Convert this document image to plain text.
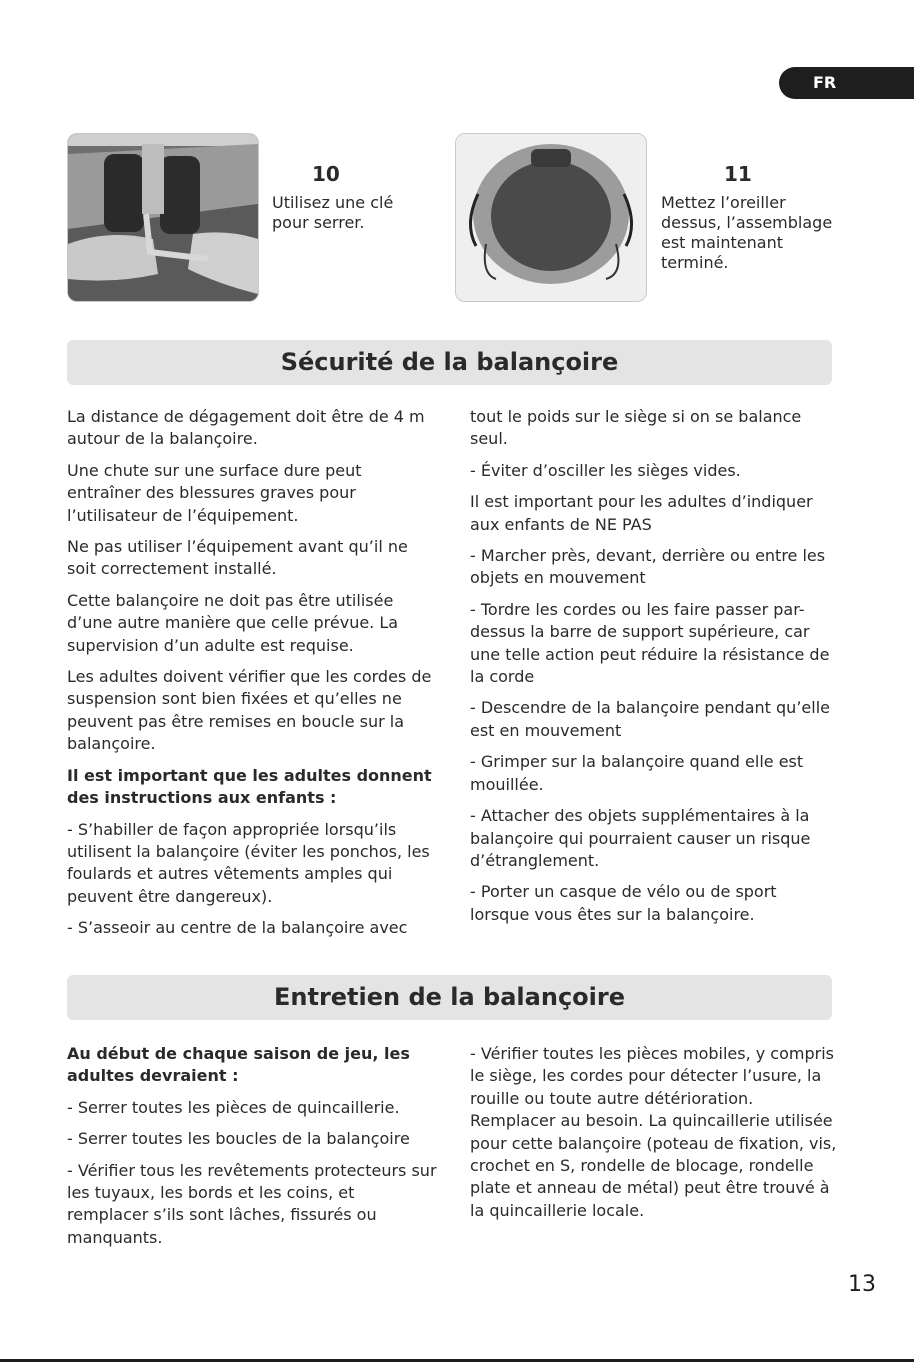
FR
10
Utilisez une clé
pour serrer.
11
Mettez l’oreiller
dessus, l’assemblage
est maintenant
terminé.
Sécurité de la balançoire

La distance de dégagement doit être de 4 m autour de la balançoire.

Une chute sur une surface dure peut entraîner des blessures graves pour l’utilisateur de l’équipement.

Ne pas utiliser l’équipement avant qu’il ne soit correctement installé.

Cette balançoire ne doit pas être utilisée d’une autre manière que celle prévue. La supervision d’un adulte est requise.

Les adultes doivent vérifier que les cordes de suspension sont bien fixées et qu’elles ne peuvent pas être remises en boucle sur la balançoire.

Il est important que les adultes donnent des instructions aux enfants :

- S’habiller de façon appropriée lorsqu’ils utilisent la balançoire (éviter les ponchos, les foulards et autres vêtements amples qui peuvent être dangereux).

- S’asseoir au centre de la balançoire avec

tout le poids sur le siège si on se balance seul.

- Éviter d’osciller les sièges vides.

Il est important pour les adultes d’indiquer aux enfants de NE PAS

- Marcher près, devant, derrière ou entre les objets en mouvement

- Tordre les cordes ou les faire passer par-dessus la barre de support supérieure, car une telle action peut réduire la résistance de la corde

- Descendre de la balançoire pendant qu’elle est en mouvement

- Grimper sur la balançoire quand elle est mouillée.

- Attacher des objets supplémentaires à la balançoire qui pourraient causer un risque d’étranglement.

- Porter un casque de vélo ou de sport lorsque vous êtes sur la balançoire.

Entretien de la balançoire

Au début de chaque saison de jeu, les adultes devraient :

- Serrer toutes les pièces de quincaillerie.

- Serrer toutes les boucles de la balançoire

- Vérifier tous les revêtements protecteurs sur les tuyaux, les bords et les coins, et remplacer s’ils sont lâches, fissurés ou manquants.

- Vérifier toutes les pièces mobiles, y compris le siège, les cordes pour détecter l’usure, la rouille ou toute autre détérioration. Remplacer au besoin. La quincaillerie utilisée pour cette balançoire (poteau de fixation, vis, crochet en S, rondelle de blocage, rondelle plate et anneau de métal) peut être trouvé à la quincaillerie locale.

13
